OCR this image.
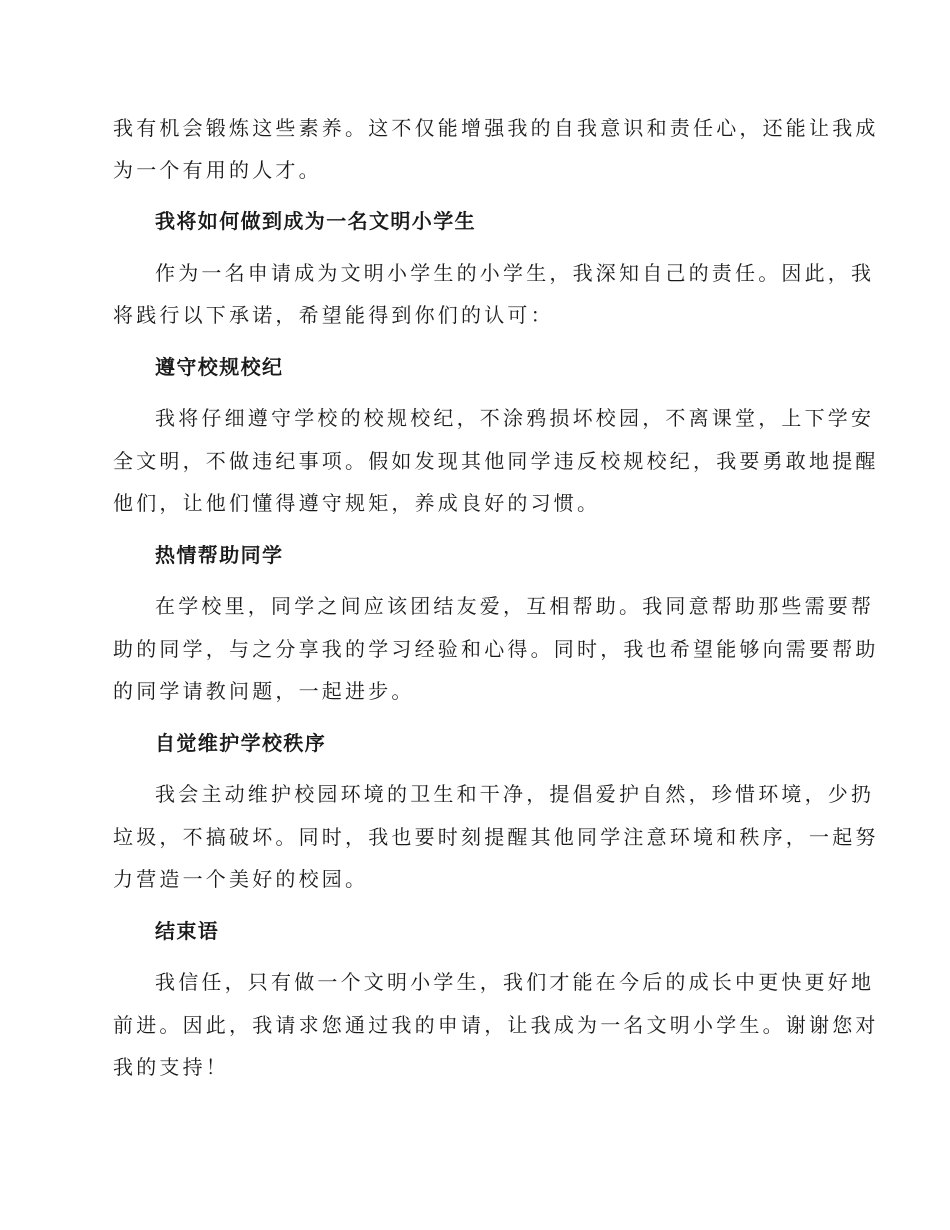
我有机会锻炼这些素养。这不仅能增强我的自我意识和责任心，还能让我成
为一个有用的人才。
我将如何做到成为一名文明小学生
作为一名申请成为文明小学生的小学生，我深知自己的责任。因此，我
将践行以下承诺，希望能得到你们的认可：
遵守校规校纪
我将仔细遵守学校的校规校纪，不涂鸦损坏校园，不离课堂，上下学安
全文明，不做违纪事项。假如发现其他同学违反校规校纪，我要勇敢地提醒
他们，让他们懂得遵守规矩，养成良好的习惯。
热情帮助同学
在学校里，同学之间应该团结友爱，互相帮助。我同意帮助那些需要帮
助的同学，与之分享我的学习经验和心得。同时，我也希望能够向需要帮助
的同学请教问题，一起进步。
自觉维护学校秩序
我会主动维护校园环境的卫生和干净，提倡爱护自然，珍惜环境，少扔
垃圾，不搞破坏。同时，我也要时刻提醒其他同学注意环境和秩序，一起努
力营造一个美好的校园。
结束语
我信任，只有做一个文明小学生，我们才能在今后的成长中更快更好地
前进。因此，我请求您通过我的申请，让我成为一名文明小学生。谢谢您对
我的支持！
